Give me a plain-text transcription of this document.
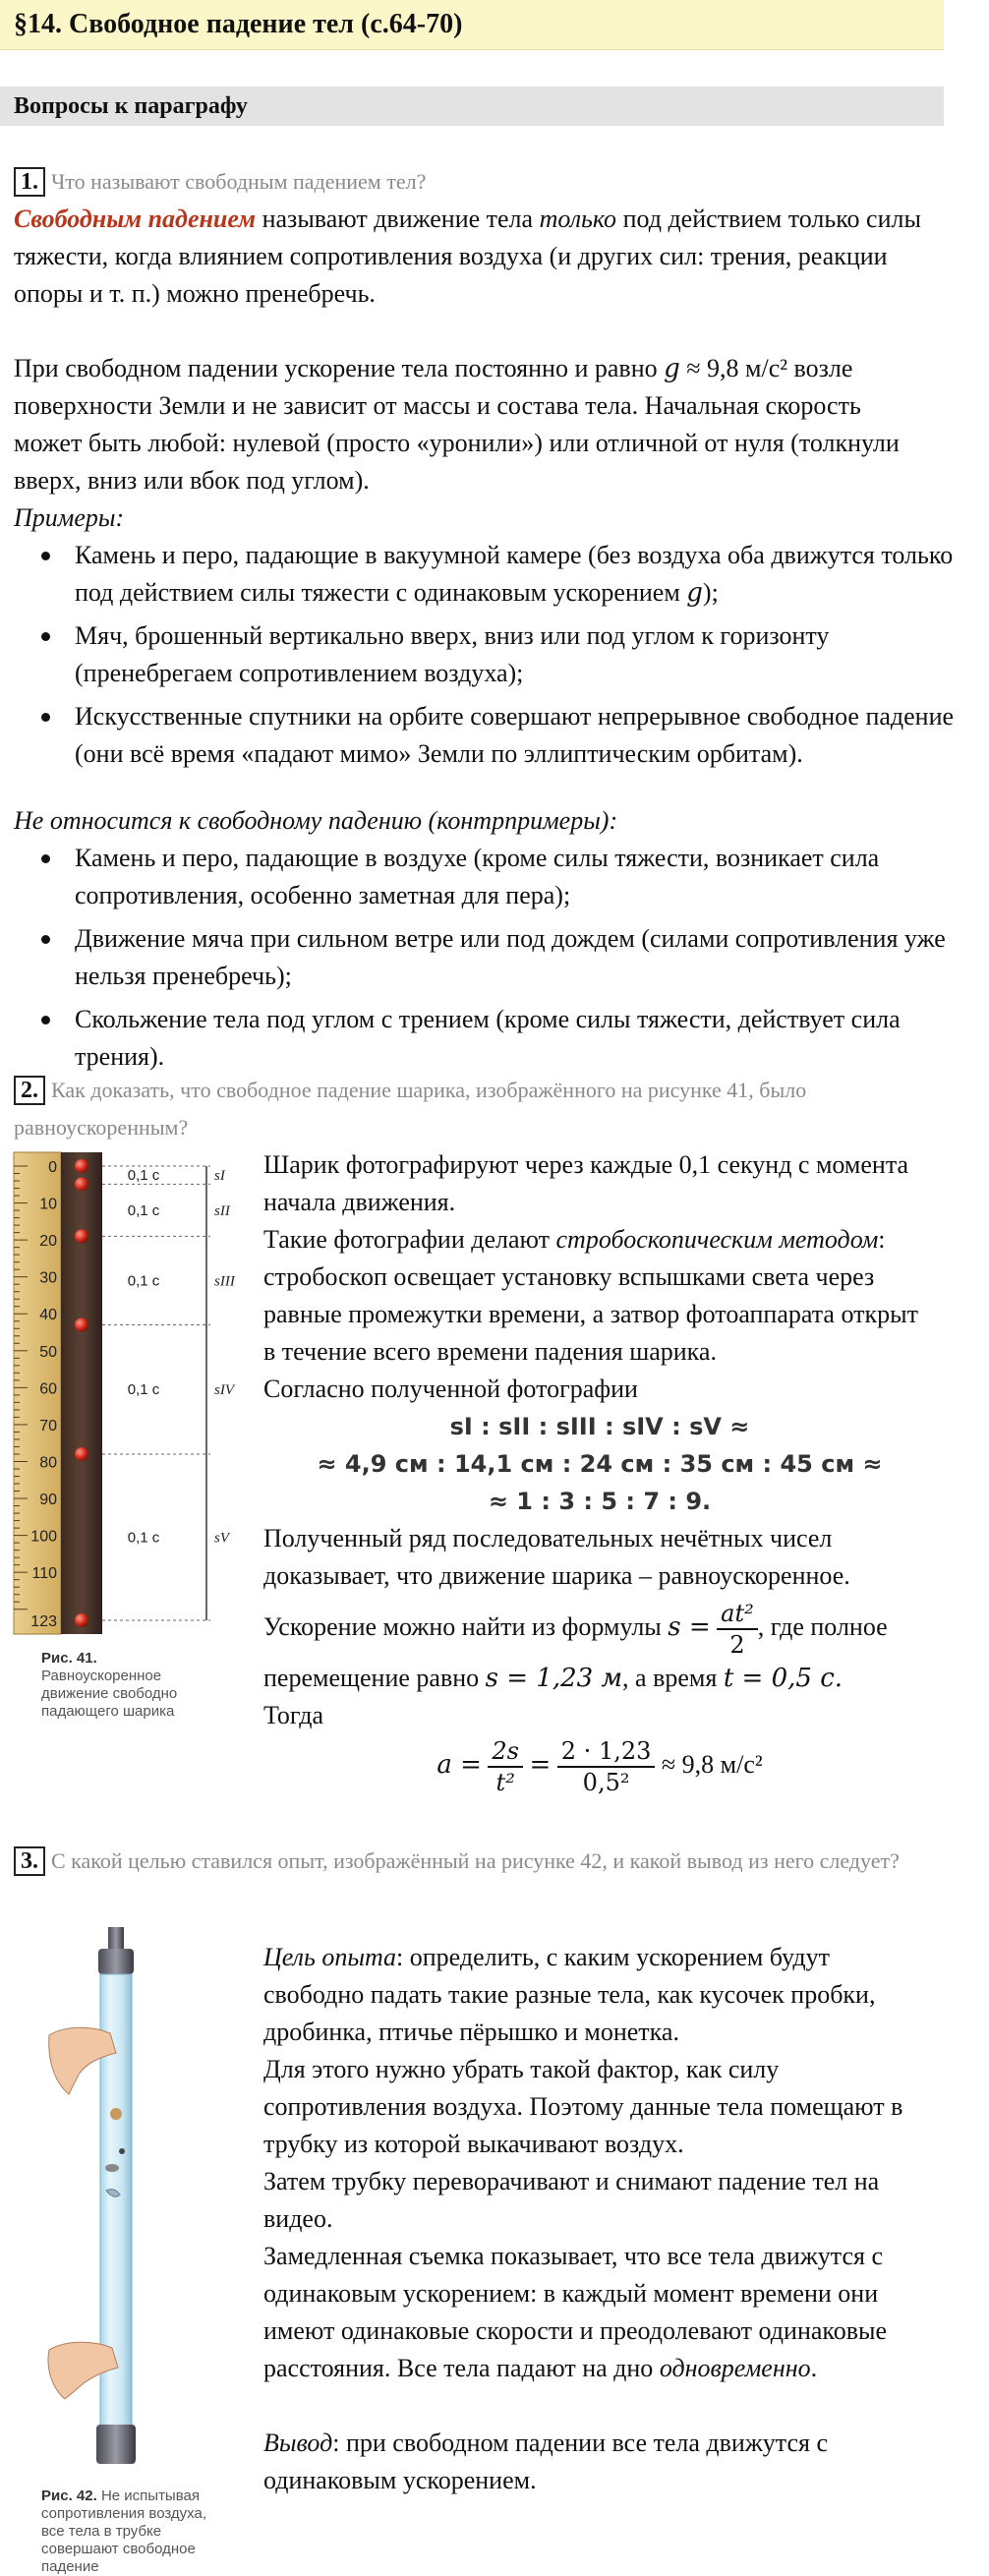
§14. Свободное падение тел (с.64-70)
Вопросы к параграфу
1. Что называют свободным падением тел?
Свободным падением называют движение тела только под действием только силы тяжести, когда влиянием сопротивления воздуха (и других сил: трения, реакции опоры и т. п.) можно пренебречь.
При свободном падении ускорение тела постоянно и равно g ≈ 9,8 м/с² возле поверхности Земли и не зависит от массы и состава тела. Начальная скорость может быть любой: нулевой (просто «уронили») или отличной от нуля (толкнули вверх, вниз или вбок под углом).
Примеры:
Камень и перо, падающие в вакуумной камере (без воздуха оба движутся только под действием силы тяжести с одинаковым ускорением 𝑔);
Мяч, брошенный вертикально вверх, вниз или под углом к горизонту (пренебрегаем сопротивлением воздуха);
Искусственные спутники на орбите совершают непрерывное свободное падение (они всё время «падают мимо» Земли по эллиптическим орбитам).
Не относится к свободному падению (контрпримеры):
Камень и перо, падающие в воздухе (кроме силы тяжести, возникает сила сопротивления, особенно заметная для пера);
Движение мяча при сильном ветре или под дождем (силами сопротивления уже нельзя пренебречь);
Скольжение тела под углом с трением (кроме силы тяжести, действует сила трения).
2. Как доказать, что свободное падение шарика, изображённого на рисунке 41, было равноускоренным?
0
10
20
30
40
50
60
70
80
90
100
110
123
0,1 с	sI
0,1 с	sII
0,1 с	sIII
0,1 с	sIV
0,1 с	sV
Рис. 41. Равноускоренное движение свободно падающего шарика
Шарик фотографируют через каждые 0,1 секунд с момента начала движения.
Такие фотографии делают стробоскопическим методом: стробоскоп освещает установку вспышками света через равные промежутки времени, а затвор фотоаппарата открыт в течение всего времени падения шарика.
Согласно полученной фотографии
sI : sII : sIII : sIV : sV ≈
≈ 4,9 см : 14,1 см : 24 см : 35 см : 45 см ≈
≈ 1 : 3 : 5 : 7 : 9.
Полученный ряд последовательных нечётных чисел доказывает, что движение шарика – равноускоренное.
Ускорение можно найти из формулы $s = \frac{\text{at²}}{2}$ , где полное перемещение равно s = 1,23 м, а время t = 0,5 с.
Тогда
$a = \frac{2s}{\text{t²}} = \frac{2 \cdot 1,23}{\text{0,5²}} \approx 9,8$ м/с²
3. С какой целью ставился опыт, изображённый на рисунке 42, и какой вывод из него следует?
Рис. 42. Не испытывая сопротивления воздуха, все тела в трубке совершают свободное падение
Цель опыта: определить, с каким ускорением будут свободно падать такие разные тела, как кусочек пробки, дробинка, птичье пёрышко и монетка.
Для этого нужно убрать такой фактор, как силу сопротивления воздуха. Поэтому данные тела помещают в трубку из которой выкачивают воздух.
Затем трубку переворачивают и снимают падение тел на видео.
Замедленная съемка показывает, что все тела движутся с одинаковым ускорением: в каждый момент времени они имеют одинаковые скорости и преодолевают одинаковые расстояния. Все тела падают на дно одновременно.
Вывод: при свободном падении все тела движутся с одинаковым ускорением.
